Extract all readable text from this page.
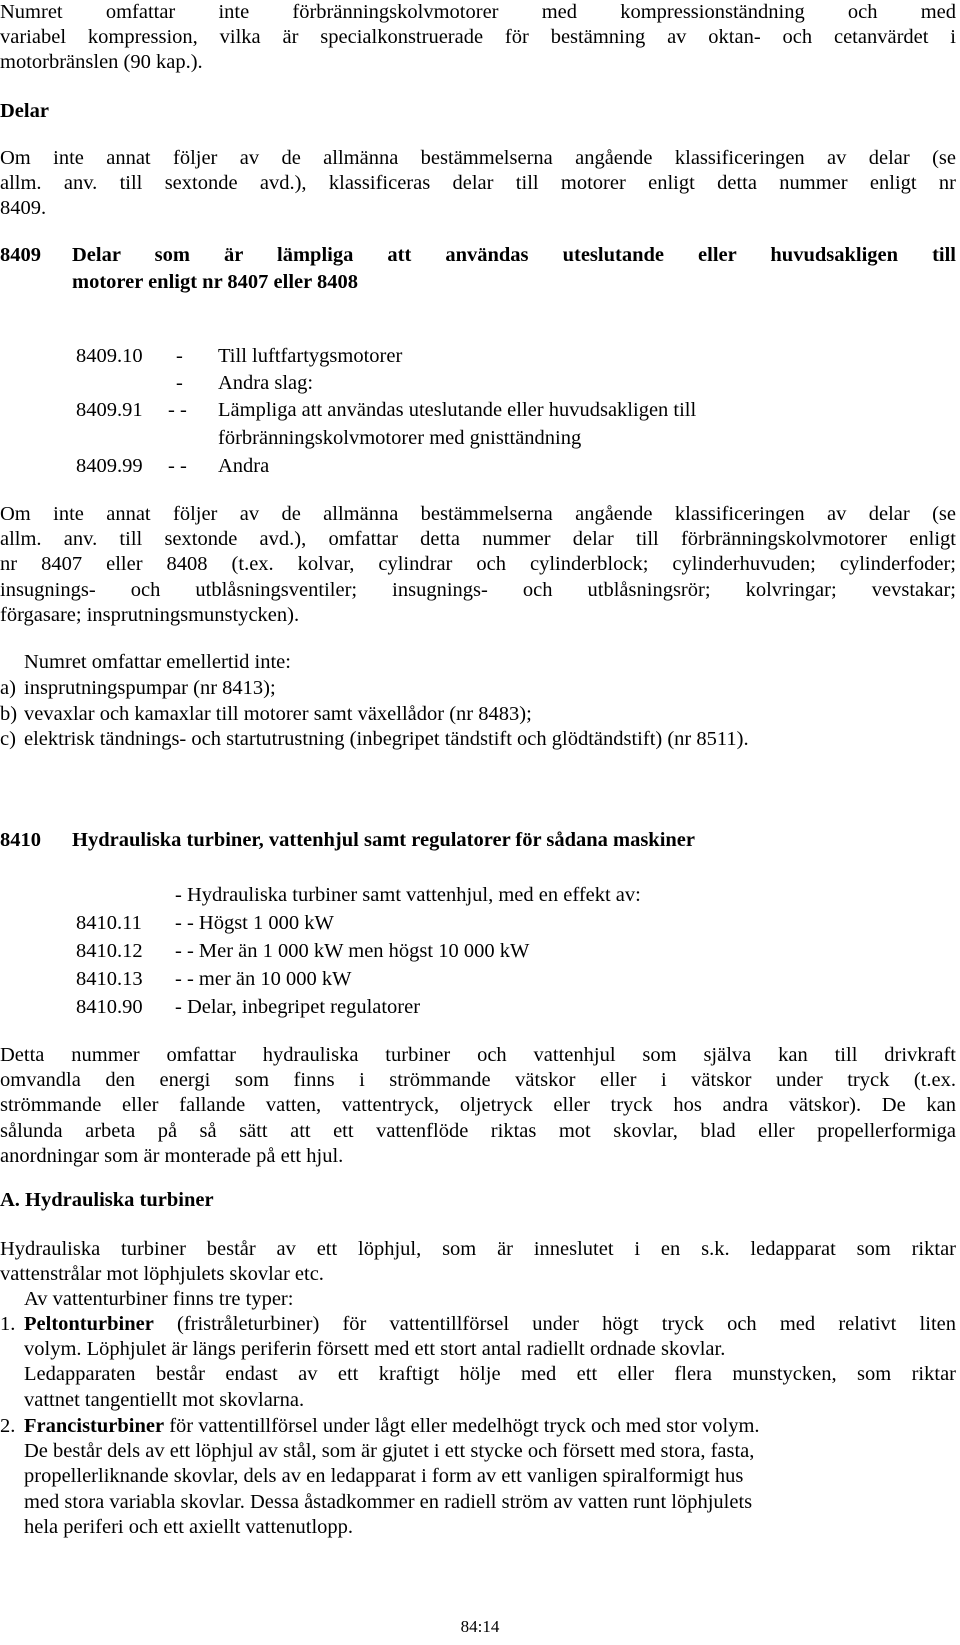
Numret omfattar inte förbränningskolvmotorer med kompressionständning och med
variabel kompression, vilka är specialkonstruerade för bestämning av oktan- och cetanvärdet i
motorbränslen (90 kap.).
Delar
Om inte annat följer av de allmänna bestämmelserna angående klassificeringen av delar (se
allm. anv. till sextonde avd.), klassificeras delar till motorer enligt detta nummer enligt nr
8409.
8409 Delar som är lämpliga att användas uteslutande eller huvudsakligen till
motorer enligt nr 8407 eller 8408
8409.10 - Till luftfartygsmotorer
- Andra slag:
8409.91 - - Lämpliga att användas uteslutande eller huvudsakligen till
förbränningskolvmotorer med gnisttändning
8409.99 - - Andra
Om inte annat följer av de allmänna bestämmelserna angående klassificeringen av delar (se
allm. anv. till sextonde avd.), omfattar detta nummer delar till förbränningskolvmotorer enligt
nr 8407 eller 8408 (t.ex. kolvar, cylindrar och cylinderblock; cylinderhuvuden; cylinderfoder;
insugnings- och utblåsningsventiler; insugnings- och utblåsningsrör; kolvringar; vevstakar;
förgasare; insprutningsmunstycken).
Numret omfattar emellertid inte:
a) insprutningspumpar (nr 8413);
b) vevaxlar och kamaxlar till motorer samt växellådor (nr 8483);
c) elektrisk tändnings- och startutrustning (inbegripet tändstift och glödtändstift) (nr 8511).
8410 Hydrauliska turbiner, vattenhjul samt regulatorer för sådana maskiner
- Hydrauliska turbiner samt vattenhjul, med en effekt av:
8410.11 - - Högst 1 000 kW
8410.12 - - Mer än 1 000 kW men högst 10 000 kW
8410.13 - - mer än 10 000 kW
8410.90 - Delar, inbegripet regulatorer
Detta nummer omfattar hydrauliska turbiner och vattenhjul som själva kan till drivkraft
omvandla den energi som finns i strömmande vätskor eller i vätskor under tryck (t.ex.
strömmande eller fallande vatten, vattentryck, oljetryck eller tryck hos andra vätskor). De kan
sålunda arbeta på så sätt att ett vattenflöde riktas mot skovlar, blad eller propellerformiga
anordningar som är monterade på ett hjul.
A. Hydrauliska turbiner
Hydrauliska turbiner består av ett löphjul, som är inneslutet i en s.k. ledapparat som riktar
vattenstrålar mot löphjulets skovlar etc.
Av vattenturbiner finns tre typer:
1. Peltonturbiner (fristråleturbiner) för vattentillförsel under högt tryck och med relativt liten
volym. Löphjulet är längs periferin försett med ett stort antal radiellt ordnade skovlar.
Ledapparaten består endast av ett kraftigt hölje med ett eller flera munstycken, som riktar
vattnet tangentiellt mot skovlarna.
2. Francisturbiner för vattentillförsel under lågt eller medelhögt tryck och med stor volym.
De består dels av ett löphjul av stål, som är gjutet i ett stycke och försett med stora, fasta,
propellerliknande skovlar, dels av en ledapparat i form av ett vanligen spiralformigt hus
med stora variabla skovlar. Dessa åstadkommer en radiell ström av vatten runt löphjulets
hela periferi och ett axiellt vattenutlopp.
84:14
